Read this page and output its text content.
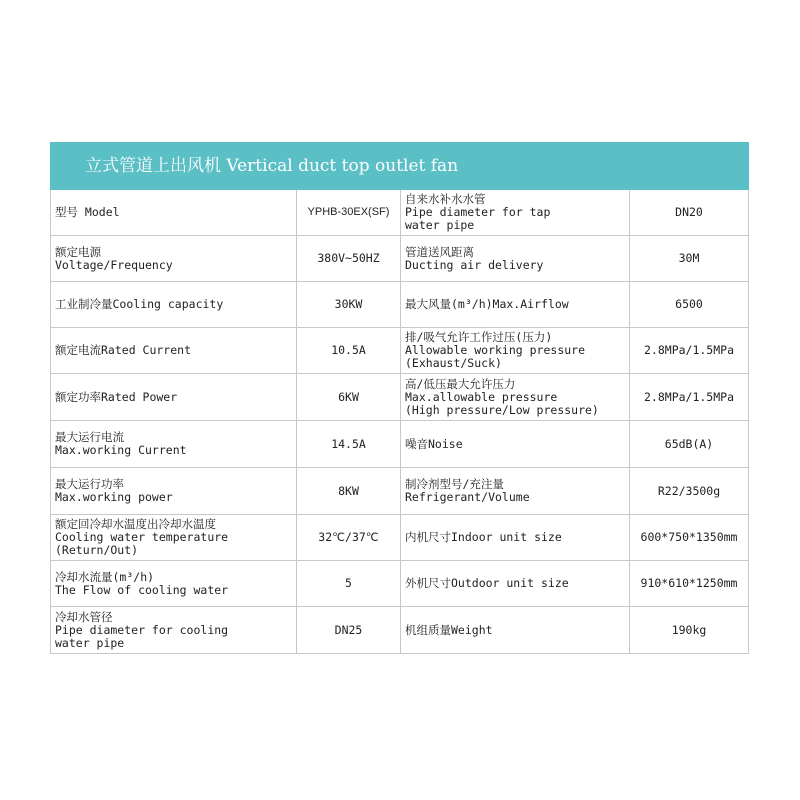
立式管道上出风机 Vertical duct top outlet fan			

型号 Model	YPHB-30EX(SF)	自来水补水水管
Pipe diameter for tap
water pipe	DN20

额定电源
Voltage/Frequency	380V~50HZ	管道送风距离
Ducting air delivery	30M

工业制冷量Cooling capacity	30KW	最大风量(m³/h)Max.Airflow	6500

额定电流Rated Current	10.5A	排/吸气允许工作过压(压力)
Allowable working pressure
(Exhaust/Suck)	2.8MPa/1.5MPa

额定功率Rated Power	6KW	高/低压最大允许压力
Max.allowable pressure
(High pressure/Low pressure)	2.8MPa/1.5MPa

最大运行电流
Max.working Current	14.5A	噪音Noise	65dB(A)

最大运行功率
Max.working power	8KW	制冷剂型号/充注量
Refrigerant/Volume	R22/3500g

额定回冷却水温度出冷却水温度
Cooling water temperature
(Return/Out)	32℃/37℃	内机尺寸Indoor unit size	600*750*1350mm

冷却水流量(m³/h)
The Flow of cooling water	5	外机尺寸Outdoor unit size	910*610*1250mm

冷却水管径
Pipe diameter for cooling
water pipe	DN25	机组质量Weight	190kg
